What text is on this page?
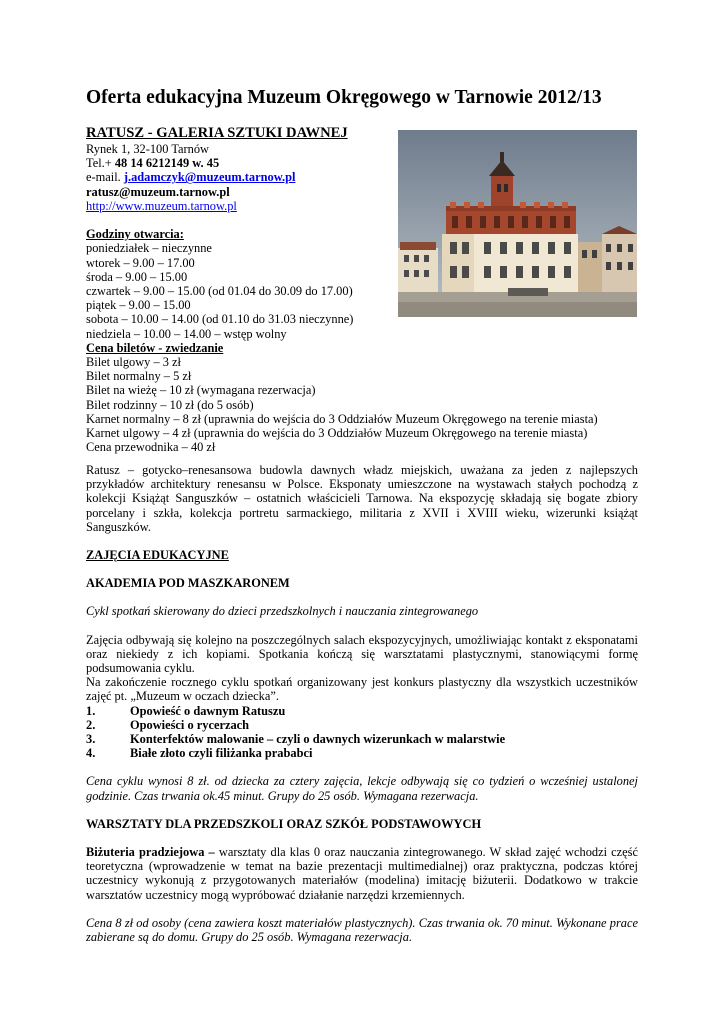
Oferta edukacyjna Muzeum Okręgowego w Tarnowie 2012/13
RATUSZ - GALERIA SZTUKI DAWNEJ
Rynek 1, 32-100 Tarnów
Tel.+ 48 14 6212149 w. 45
e-mail. j.adamczyk@muzeum.tarnow.pl
ratusz@muzeum.tarnow.pl
http://www.muzeum.tarnow.pl

Godziny otwarcia:
poniedziałek – nieczynne
wtorek – 9.00 – 17.00
środa – 9.00 – 15.00
czwartek – 9.00 – 15.00 (od 01.04 do 30.09 do 17.00)
piątek – 9.00 – 15.00
sobota – 10.00 – 14.00 (od 01.10 do 31.03 nieczynne)
niedziela – 10.00 – 14.00 – wstęp wolny
Cena biletów - zwiedzanie
Bilet ulgowy – 3 zł
Bilet normalny – 5 zł
Bilet na wieżę – 10 zł (wymagana rezerwacja)
Bilet rodzinny – 10 zł (do 5 osób)
Karnet normalny – 8 zł (uprawnia do wejścia do 3 Oddziałów Muzeum Okręgowego na terenie miasta)
Karnet ulgowy – 4 zł (uprawnia do wejścia do 3 Oddziałów Muzeum Okręgowego na terenie miasta)
Cena przewodnika – 40 zł

Ratusz – gotycko–renesansowa budowla dawnych władz miejskich, uważana za jeden z najlepszych przykładów architektury renesansu w Polsce. Eksponaty umieszczone na wystawach stałych pochodzą z kolekcji Książąt Sanguszków – ostatnich właścicieli Tarnowa. Na ekspozycję składają się bogate zbiory porcelany i szkła, kolekcja portretu sarmackiego, militaria z XVII i XVIII wieku, wizerunki książąt Sanguszków.

ZAJĘCIA EDUKACYJNE
AKADEMIA POD MASZKARONEM
Cykl spotkań skierowany do dzieci przedszkolnych i nauczania zintegrowanego

Zajęcia odbywają się kolejno na poszczególnych salach ekspozycyjnych, umożliwiając kontakt z eksponatami oraz niekiedy z ich kopiami. Spotkania kończą się warsztatami plastycznymi, stanowiącymi formę podsumowania cyklu.

Na zakończenie rocznego cyklu spotkań organizowany jest konkurs plastyczny dla wszystkich uczestników zajęć pt. „Muzeum w oczach dziecka”.

1.	Opowieść o dawnym Ratuszu
2.	Opowieści o rycerzach
3.	Konterfektów malowanie – czyli o dawnych wizerunkach w malarstwie
4.	Białe złoto czyli filiżanka prababci

Cena cyklu wynosi 8 zł. od dziecka za cztery zajęcia, lekcje odbywają się co tydzień o wcześniej ustalonej godzinie. Czas trwania ok.45 minut. Grupy do 25 osób. Wymagana rezerwacja.

WARSZTATY DLA PRZEDSZKOLI ORAZ SZKÓŁ PODSTAWOWYCH

Biżuteria pradziejowa – warsztaty dla klas 0 oraz nauczania zintegrowanego. W skład zajęć wchodzi część teoretyczna (wprowadzenie w temat na bazie prezentacji multimedialnej) oraz praktyczna, podczas której uczestnicy wykonują z przygotowanych materiałów (modelina) imitację biżuterii. Dodatkowo w trakcie warsztatów uczestnicy mogą wypróbować działanie narzędzi krzemiennych.

Cena 8 zł od osoby (cena zawiera koszt materiałów plastycznych). Czas trwania ok. 70 minut. Wykonane prace zabierane są do domu. Grupy do 25 osób. Wymagana rezerwacja.
